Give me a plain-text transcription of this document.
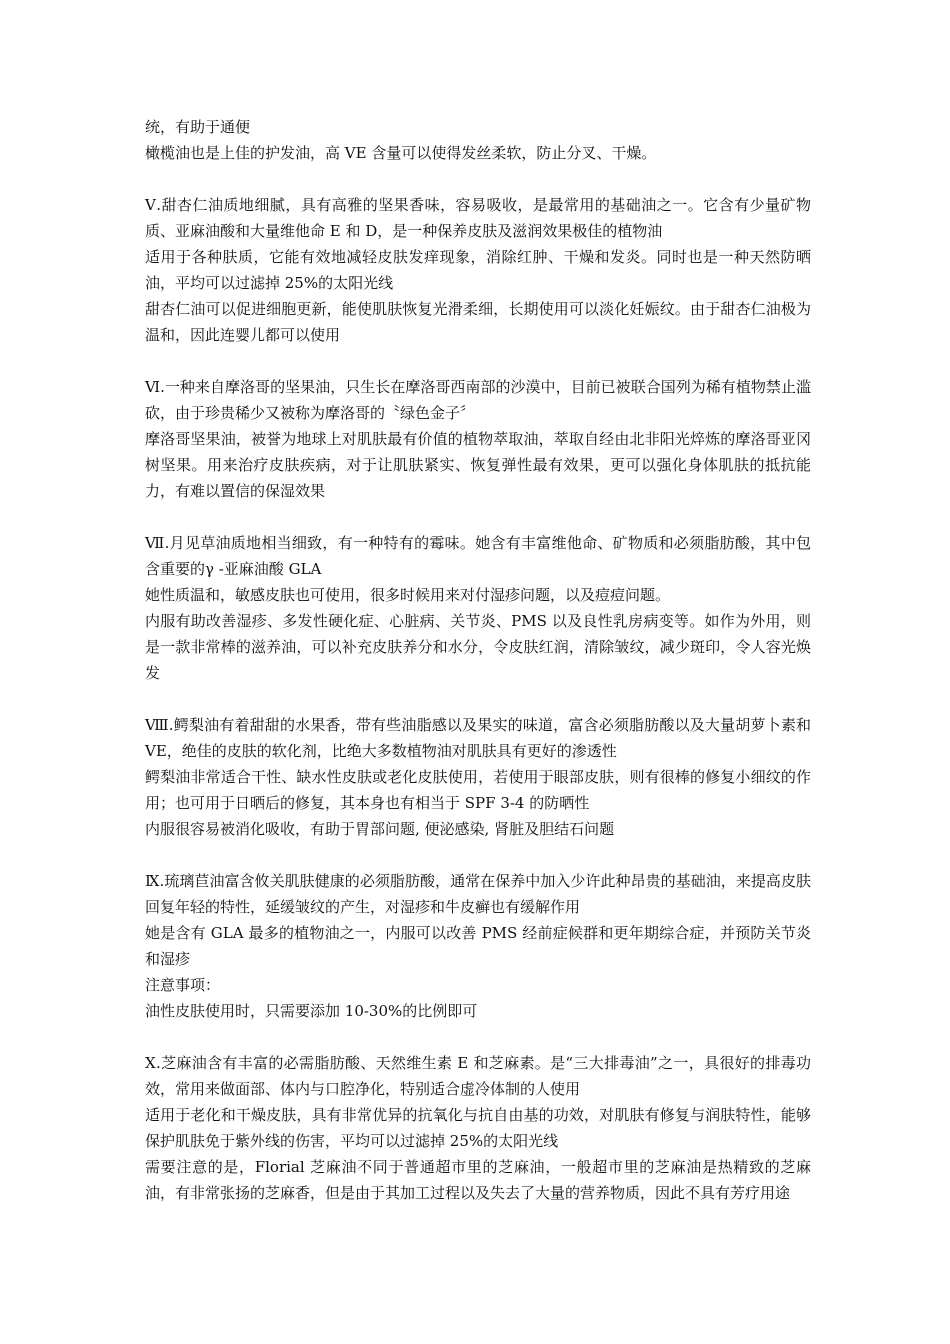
统，有助于通便

橄榄油也是上佳的护发油，高 VE 含量可以使得发丝柔软，防止分叉、干燥。

Ⅴ.甜杏仁油质地细腻，具有高雅的坚果香味，容易吸收，是最常用的基础油之一。它含有少量矿物质、亚麻油酸和大量维他命 E 和 D，是一种保养皮肤及滋润效果极佳的植物油

适用于各种肤质，它能有效地减轻皮肤发痒现象，消除红肿、干燥和发炎。同时也是一种天然防晒油，平均可以过滤掉 25%的太阳光线

甜杏仁油可以促进细胞更新，能使肌肤恢复光滑柔细，长期使用可以淡化妊娠纹。由于甜杏仁油极为温和，因此连婴儿都可以使用

Ⅵ.一种来自摩洛哥的坚果油，只生长在摩洛哥西南部的沙漠中，目前已被联合国列为稀有植物禁止滥砍，由于珍贵稀少又被称为摩洛哥的〝绿色金子〞

摩洛哥坚果油，被誉为地球上对肌肤最有价值的植物萃取油，萃取自经由北非阳光焠炼的摩洛哥亚冈树坚果。用来治疗皮肤疾病，对于让肌肤紧实、恢复弹性最有效果，更可以强化身体肌肤的抵抗能力，有难以置信的保湿效果

Ⅶ.月见草油质地相当细致，有一种特有的霉味。她含有丰富维他命、矿物质和必须脂肪酸，其中包含重要的γ -亚麻油酸 GLA

她性质温和，敏感皮肤也可使用，很多时候用来对付湿疹问题，以及痘痘问题。

内服有助改善湿疹、多发性硬化症、心脏病、关节炎、PMS 以及良性乳房病变等。如作为外用，则是一款非常棒的滋养油，可以补充皮肤养分和水分，令皮肤红润，清除皱纹，减少斑印，令人容光焕发

Ⅷ.鳄梨油有着甜甜的水果香，带有些油脂感以及果实的味道，富含必须脂肪酸以及大量胡萝卜素和 VE，绝佳的皮肤的软化剂，比绝大多数植物油对肌肤具有更好的渗透性

鳄梨油非常适合干性、缺水性皮肤或老化皮肤使用，若使用于眼部皮肤，则有很棒的修复小细纹的作用；也可用于日晒后的修复，其本身也有相当于 SPF 3-4 的防晒性

内服很容易被消化吸收，有助于胃部问题, 便泌感染, 肾脏及胆结石问题

Ⅸ.琉璃苣油富含攸关肌肤健康的必须脂肪酸，通常在保养中加入少许此种昂贵的基础油，来提高皮肤回复年轻的特性，延缓皱纹的产生，对湿疹和牛皮癣也有缓解作用

她是含有 GLA 最多的植物油之一，内服可以改善 PMS 经前症候群和更年期综合症，并预防关节炎和湿疹

注意事项：

油性皮肤使用时，只需要添加 10-30%的比例即可

Ⅹ.芝麻油含有丰富的必需脂肪酸、天然维生素 E 和芝麻素。是“三大排毒油”之一，具很好的排毒功效，常用来做面部、体内与口腔净化，特别适合虚冷体制的人使用

适用于老化和干燥皮肤，具有非常优异的抗氧化与抗自由基的功效，对肌肤有修复与润肤特性，能够保护肌肤免于紫外线的伤害，平均可以过滤掉 25%的太阳光线

需要注意的是，Florial 芝麻油不同于普通超市里的芝麻油，一般超市里的芝麻油是热精致的芝麻油，有非常张扬的芝麻香，但是由于其加工过程以及失去了大量的营养物质，因此不具有芳疗用途
